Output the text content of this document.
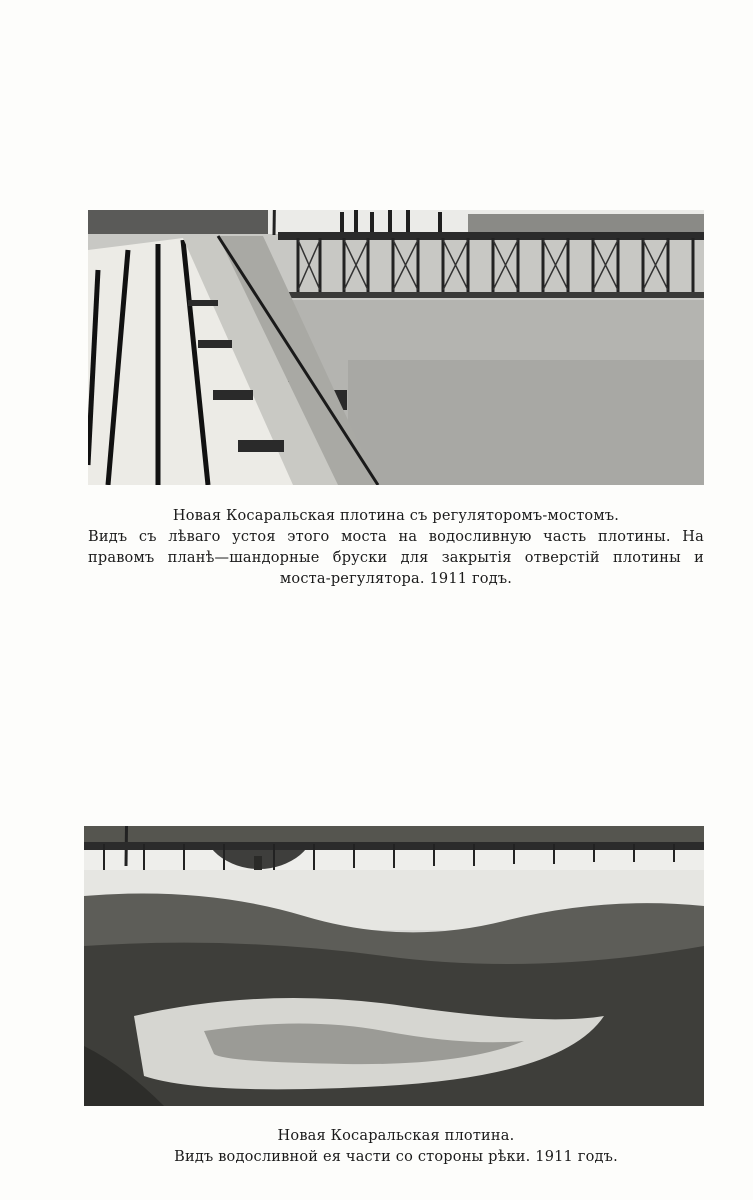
Новая Косаральская плотина съ регуляторомъ-мостомъ.
Видъ съ лѣваго устоя этого моста на водосливную часть плотины. На
правомъ планѣ—шандорные бруски для закрытія отверстій плотины и
моста-регулятора. 1911 годъ.
Новая Косаральская плотина.
Видъ водосливной ея части со стороны рѣки. 1911 годъ.
